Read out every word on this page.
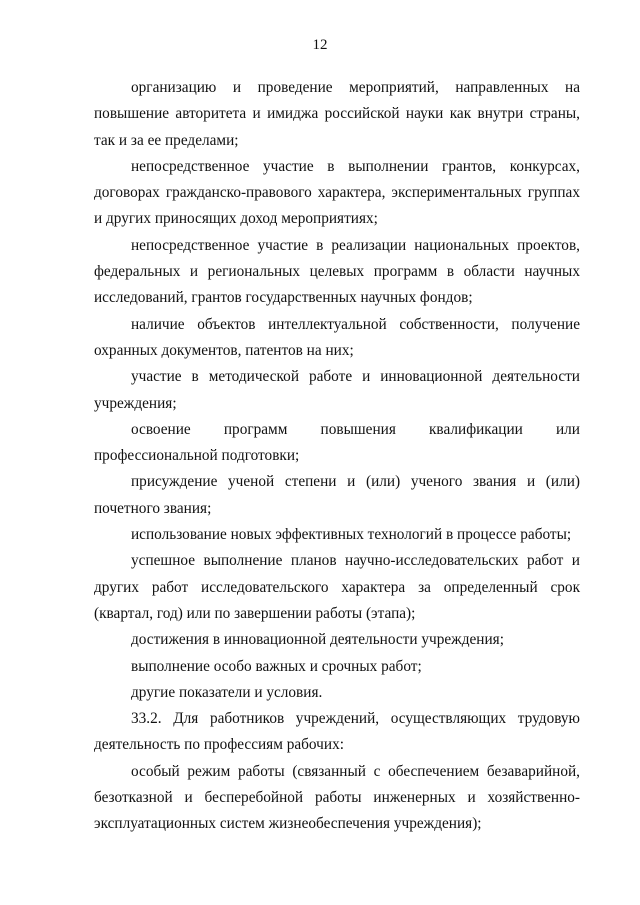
12

организацию и проведение мероприятий, направленных на повышение авторитета и имиджа российской науки как внутри страны, так и за ее пределами;

непосредственное участие в выполнении грантов, конкурсах, договорах гражданско-правового характера, экспериментальных группах и других приносящих доход мероприятиях;

непосредственное участие в реализации национальных проектов, федеральных и региональных целевых программ в области научных исследований, грантов государственных научных фондов;

наличие объектов интеллектуальной собственности, получение охранных документов, патентов на них;

участие в методической работе и инновационной деятельности учреждения;

освоение программ повышения квалификации или профессиональной подготовки;

присуждение ученой степени и (или) ученого звания и (или) почетного звания;

использование новых эффективных технологий в процессе работы;

успешное выполнение планов научно-исследовательских работ и других работ исследовательского характера за определенный срок (квартал, год) или по завершении работы (этапа);

достижения в инновационной деятельности учреждения;

выполнение особо важных и срочных работ;

другие показатели и условия.

33.2. Для работников учреждений, осуществляющих трудовую деятельность по профессиям рабочих:

особый режим работы (связанный с обеспечением безаварийной, безотказной и бесперебойной работы инженерных и хозяйственно-эксплуатационных систем жизнеобеспечения учреждения);
